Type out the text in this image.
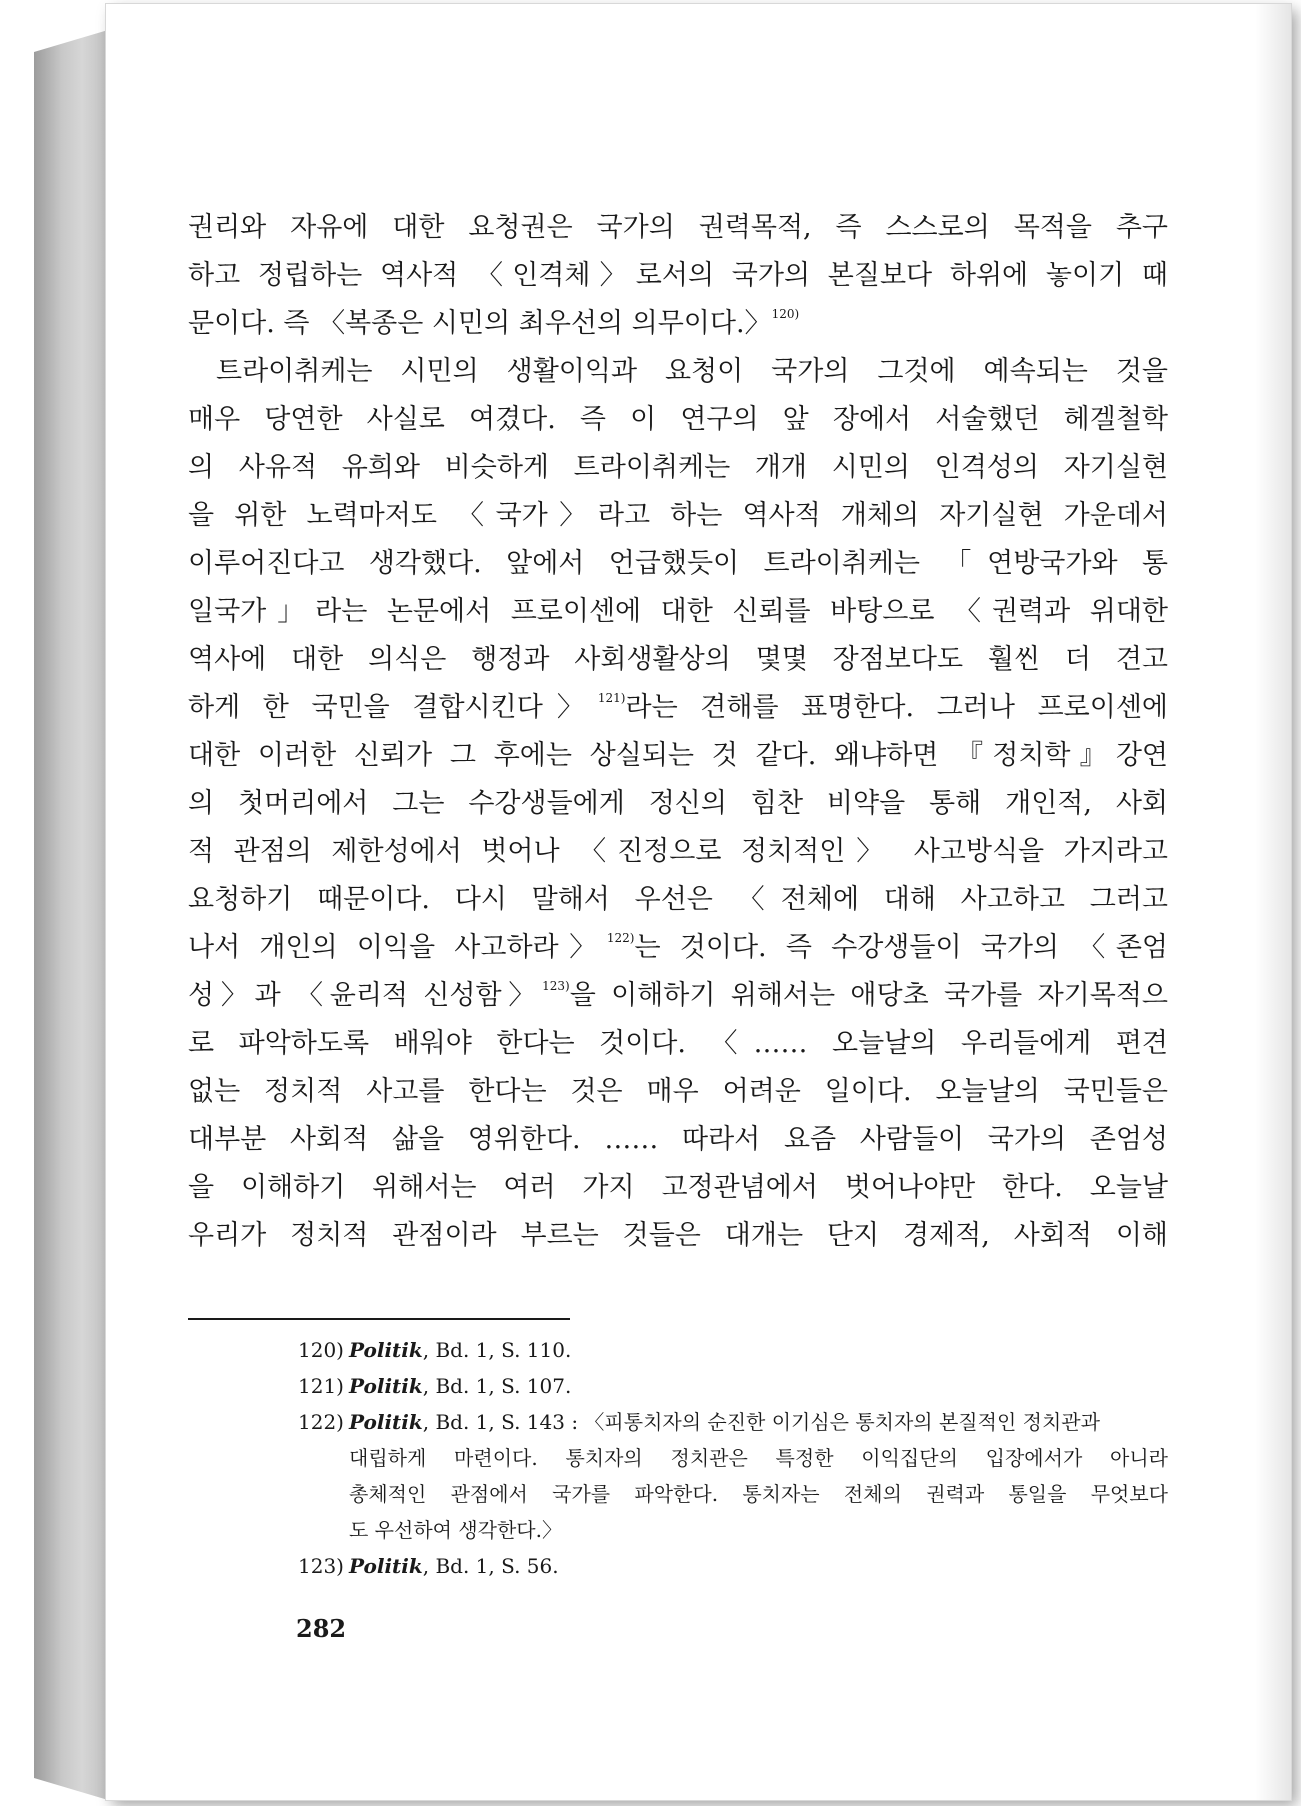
권리와 자유에 대한 요청권은 국가의 권력목적, 즉 스스로의 목적을 추구
하고 정립하는 역사적 〈인격체〉로서의 국가의 본질보다 하위에 놓이기 때
문이다. 즉 〈복종은 시민의 최우선의 의무이다.〉$^{120)}$
트라이취케는 시민의 생활이익과 요청이 국가의 그것에 예속되는 것을
매우 당연한 사실로 여겼다. 즉 이 연구의 앞 장에서 서술했던 헤겔철학
의 사유적 유희와 비슷하게 트라이취케는 개개 시민의 인격성의 자기실현
을 위한 노력마저도 〈국가〉라고 하는 역사적 개체의 자기실현 가운데서
이루어진다고 생각했다. 앞에서 언급했듯이 트라이취케는 「연방국가와 통
일국가」라는 논문에서 프로이센에 대한 신뢰를 바탕으로 〈권력과 위대한
역사에 대한 의식은 행정과 사회생활상의 몇몇 장점보다도 훨씬 더 견고
하게 한 국민을 결합시킨다〉$^{121)}$라는 견해를 표명한다. 그러나 프로이센에
대한 이러한 신뢰가 그 후에는 상실되는 것 같다. 왜냐하면 『정치학』강연
의 첫머리에서 그는 수강생들에게 정신의 힘찬 비약을 통해 개인적, 사회
적 관점의 제한성에서 벗어나 〈진정으로 정치적인〉 사고방식을 가지라고
요청하기 때문이다. 다시 말해서 우선은 〈전체에 대해 사고하고 그러고
나서 개인의 이익을 사고하라〉$^{122)}$는 것이다. 즉 수강생들이 국가의 〈존엄
성〉과 〈윤리적 신성함〉$^{123)}$을 이해하기 위해서는 애당초 국가를 자기목적으
로 파악하도록 배워야 한다는 것이다. 〈…… 오늘날의 우리들에게 편견
없는 정치적 사고를 한다는 것은 매우 어려운 일이다. 오늘날의 국민들은
대부분 사회적 삶을 영위한다. …… 따라서 요즘 사람들이 국가의 존엄성
을 이해하기 위해서는 여러 가지 고정관념에서 벗어나야만 한다. 오늘날
우리가 정치적 관점이라 부르는 것들은 대개는 단지 경제적, 사회적 이해
120) Politik, Bd. 1, S. 110.
121) Politik, Bd. 1, S. 107.
122) Politik, Bd. 1, S. 143 : 〈피통치자의 순진한 이기심은 통치자의 본질적인 정치관과
대립하게 마련이다. 통치자의 정치관은 특정한 이익집단의 입장에서가 아니라
총체적인 관점에서 국가를 파악한다. 통치자는 전체의 권력과 통일을 무엇보다
도 우선하여 생각한다.〉
123) Politik, Bd. 1, S. 56.
282
